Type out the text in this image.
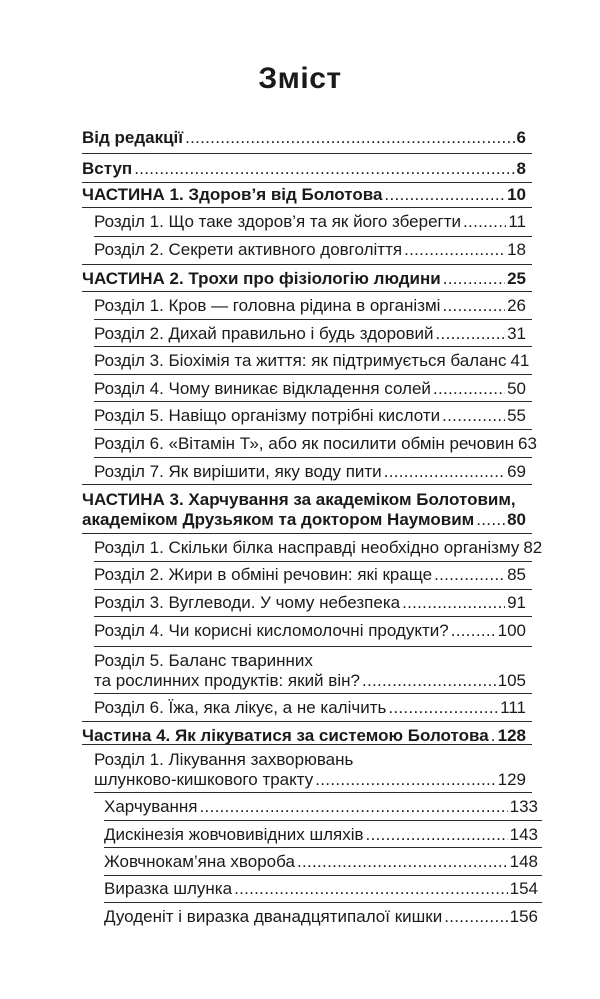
Зміст
Від редакції .....	6
Вступ .....	8
ЧАСТИНА 1. Здоров’я від Болотова .....	10
Розділ 1. Що таке здоров’я та як його зберегти .....	11
Розділ 2. Секрети активного довголіття .....	18
ЧАСТИНА 2. Трохи про фізіологію людини .....	25
Розділ 1. Кров — головна рідина в організмі .....	26
Розділ 2. Дихай правильно і будь здоровий .....	31
Розділ 3. Біохімія та життя: як підтримується баланс 41
Розділ 4. Чому виникає відкладення солей .....	50
Розділ 5. Навіщо організму потрібні кислоти .....	55
Розділ 6. «Вітамін Т», або як посилити обмін речовин 63
Розділ 7. Як вирішити, яку воду пити .....	69
ЧАСТИНА 3. Харчування за академіком Болотовим,
академіком Друзьяком та доктором Наумовим ..... 80
Розділ 1. Скільки білка насправді необхідно організму 82
Розділ 2. Жири в обміні речовин: які краще .....	85
Розділ 3. Вуглеводи. У чому небезпека .....	91
Розділ 4. Чи корисні кисломолочні продукти? .....	100
Розділ 5. Баланс тваринних
та рослинних продуктів: який він? .....	105
Розділ 6. Їжа, яка лікує, а не калічить .....	111
Частина 4. Як лікуватися за системою Болотова ..... 128
Розділ 1. Лікування захворювань
шлунково-кишкового тракту .....	129
Харчування .....	133
Дискінезія жовчовивідних шляхів .....	143
Жовчнокам’яна хвороба .....	148
Виразка шлунка .....	154
Дуоденіт і виразка дванадцятипалої кишки .....	156
